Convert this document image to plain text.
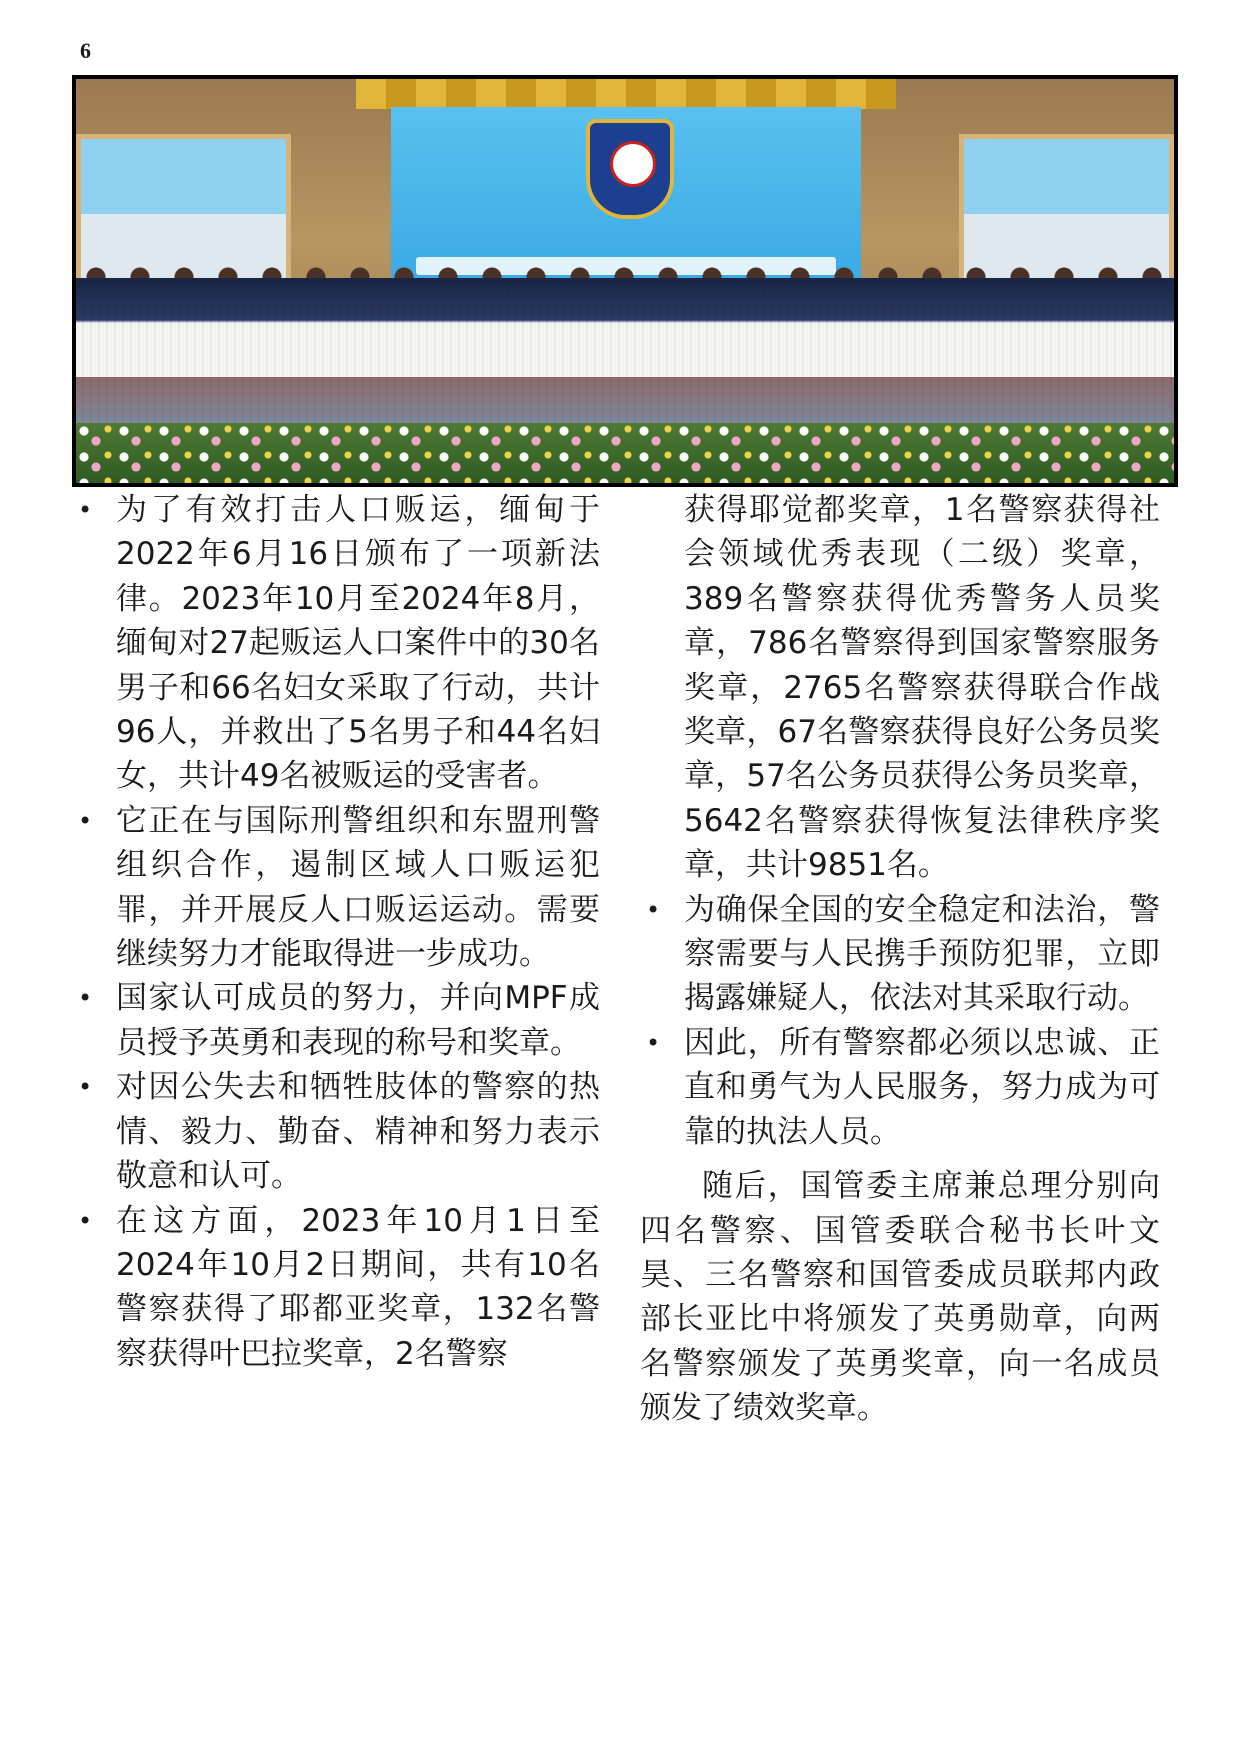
6
• 为了有效打击人口贩运，缅甸于2022年6月16日颁布了一项新法律。2023年10月至2024年8月，缅甸对27起贩运人口案件中的30名男子和66名妇女采取了行动，共计96人，并救出了5名男子和44名妇女，共计49名被贩运的受害者。
• 它正在与国际刑警组织和东盟刑警组织合作，遏制区域人口贩运犯罪，并开展反人口贩运运动。需要继续努力才能取得进一步成功。
• 国家认可成员的努力，并向MPF成员授予英勇和表现的称号和奖章。
• 对因公失去和牺牲肢体的警察的热情、毅力、勤奋、精神和努力表示敬意和认可。
• 在这方面，2023年10月1日至2024年10月2日期间，共有10名警察获得了耶都亚奖章，132名警察获得叶巴拉奖章，2名警察
获得耶觉都奖章，1名警察获得社会领域优秀表现（二级）奖章，389名警察获得优秀警务人员奖章，786名警察得到国家警察服务奖章，2765名警察获得联合作战奖章，67名警察获得良好公务员奖章，57名公务员获得公务员奖章，5642名警察获得恢复法律秩序奖章，共计9851名。
• 为确保全国的安全稳定和法治，警察需要与人民携手预防犯罪，立即揭露嫌疑人，依法对其采取行动。
• 因此，所有警察都必须以忠诚、正直和勇气为人民服务，努力成为可靠的执法人员。
随后，国管委主席兼总理分别向四名警察、国管委联合秘书长叶文昊、三名警察和国管委成员联邦内政部长亚比中将颁发了英勇勋章，向两名警察颁发了英勇奖章，向一名成员颁发了绩效奖章。
